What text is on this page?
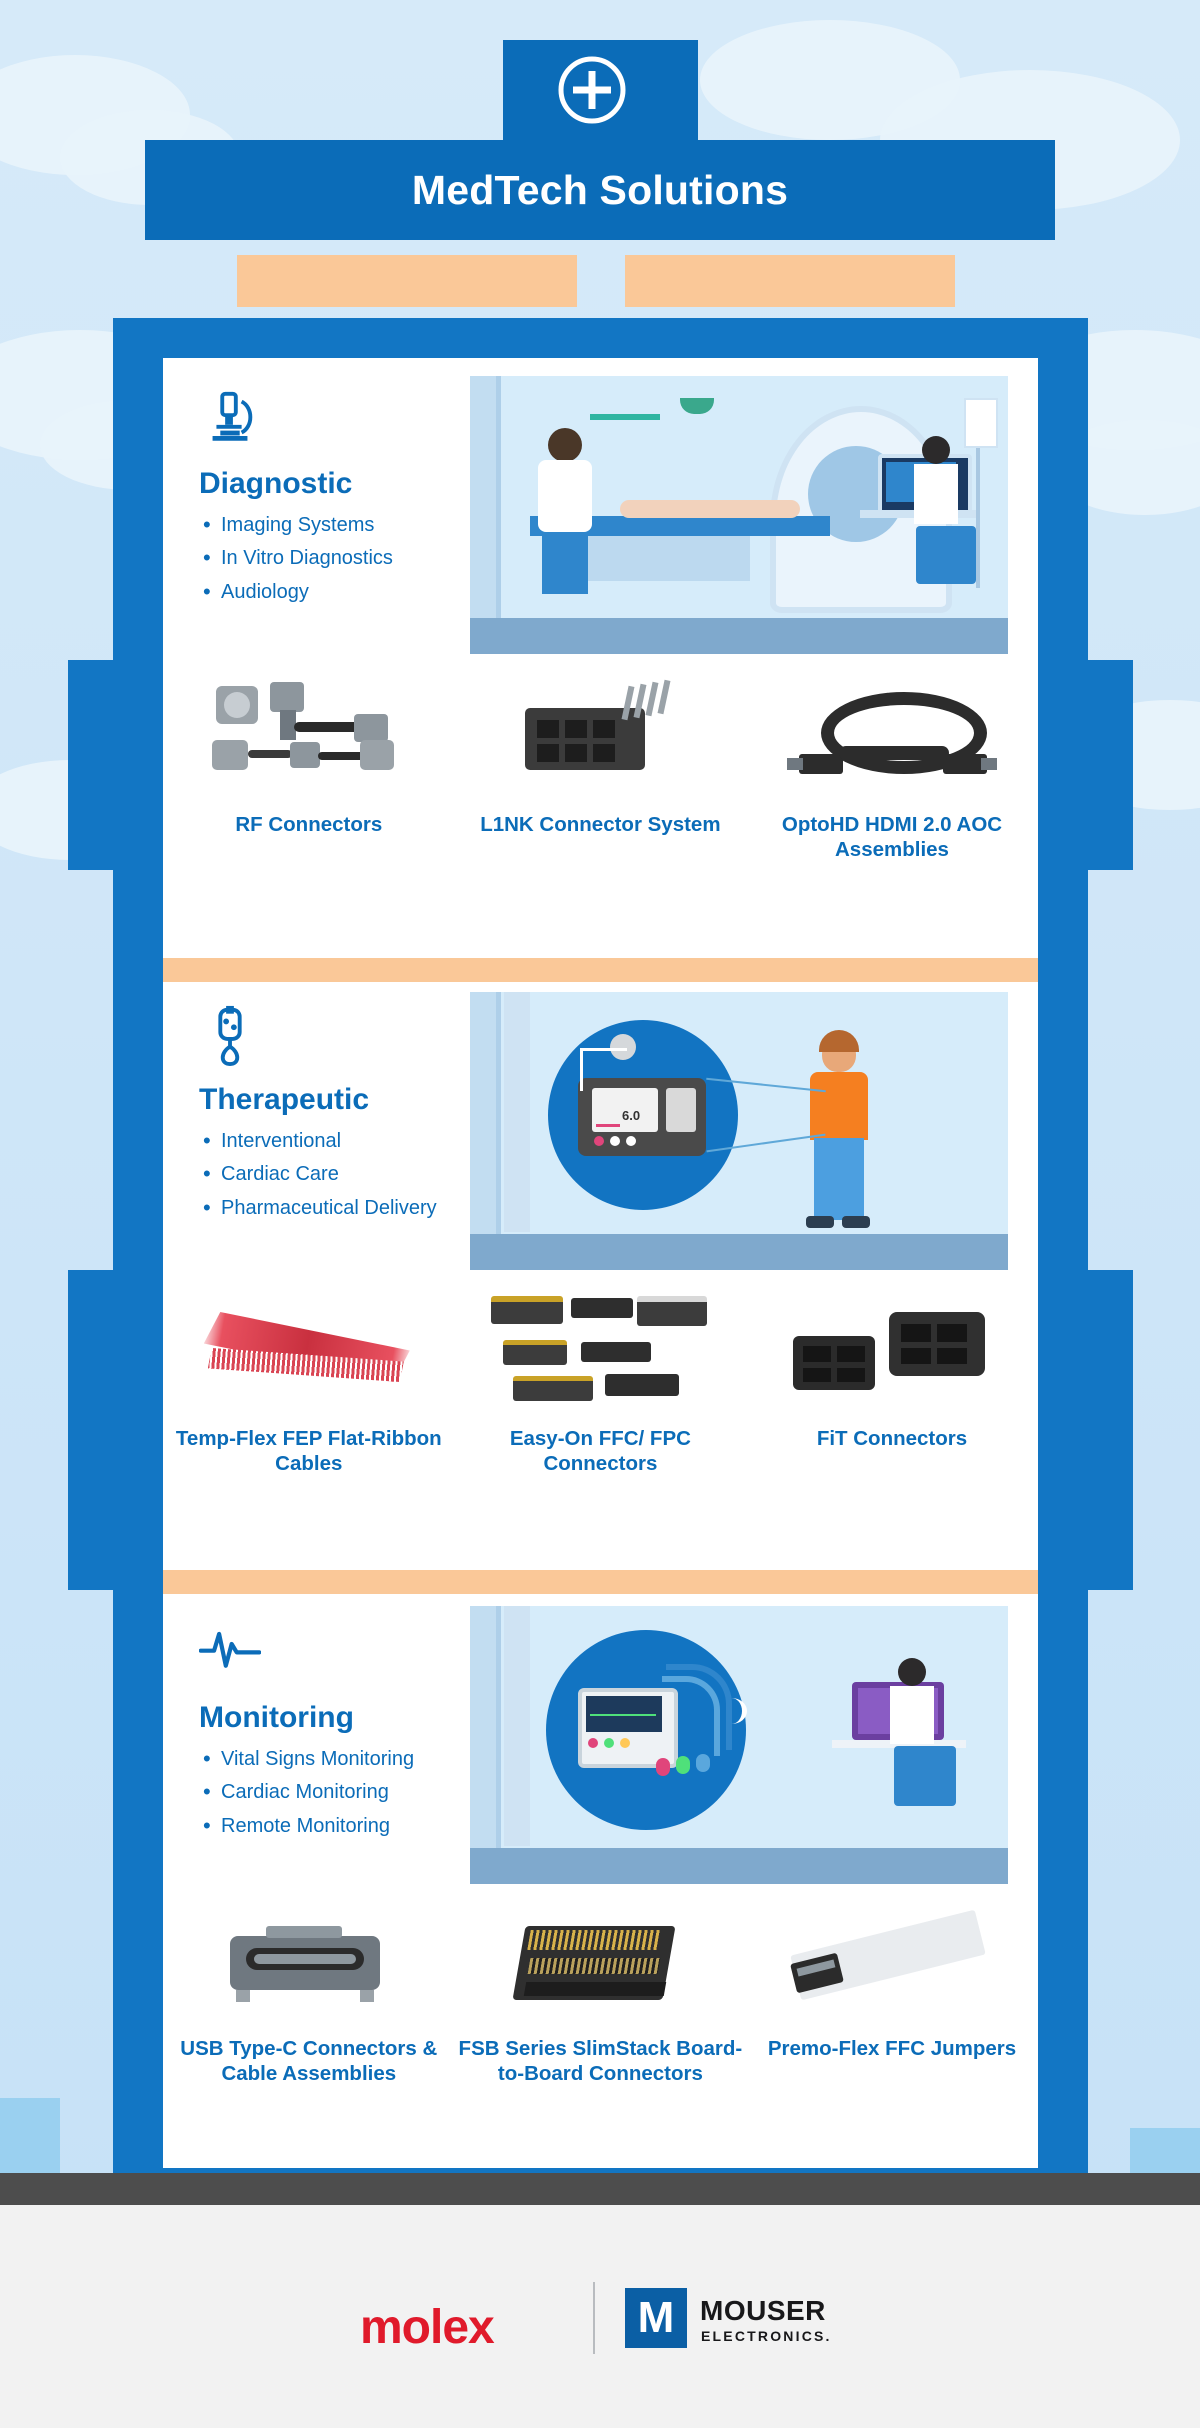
MedTech Solutions
Diagnostic
• Imaging Systems
• In Vitro Diagnostics
• Audiology
RF Connectors	L1NK Connector System	OptoHD HDMI 2.0 AOC Assemblies
Therapeutic
• Interventional
• Cardiac Care
• Pharmaceutical Delivery
6.0
Temp-Flex FEP Flat-Ribbon Cables
Easy-On FFC/ FPC Connectors
FiT Connectors
Monitoring
• Vital Signs Monitoring
• Cardiac Monitoring
• Remote Monitoring
USB Type-C Connectors & Cable Assemblies
FSB Series SlimStack Board-to-Board Connectors
Premo-Flex FFC Jumpers
molex	M MOUSER
ELECTRONICS.
